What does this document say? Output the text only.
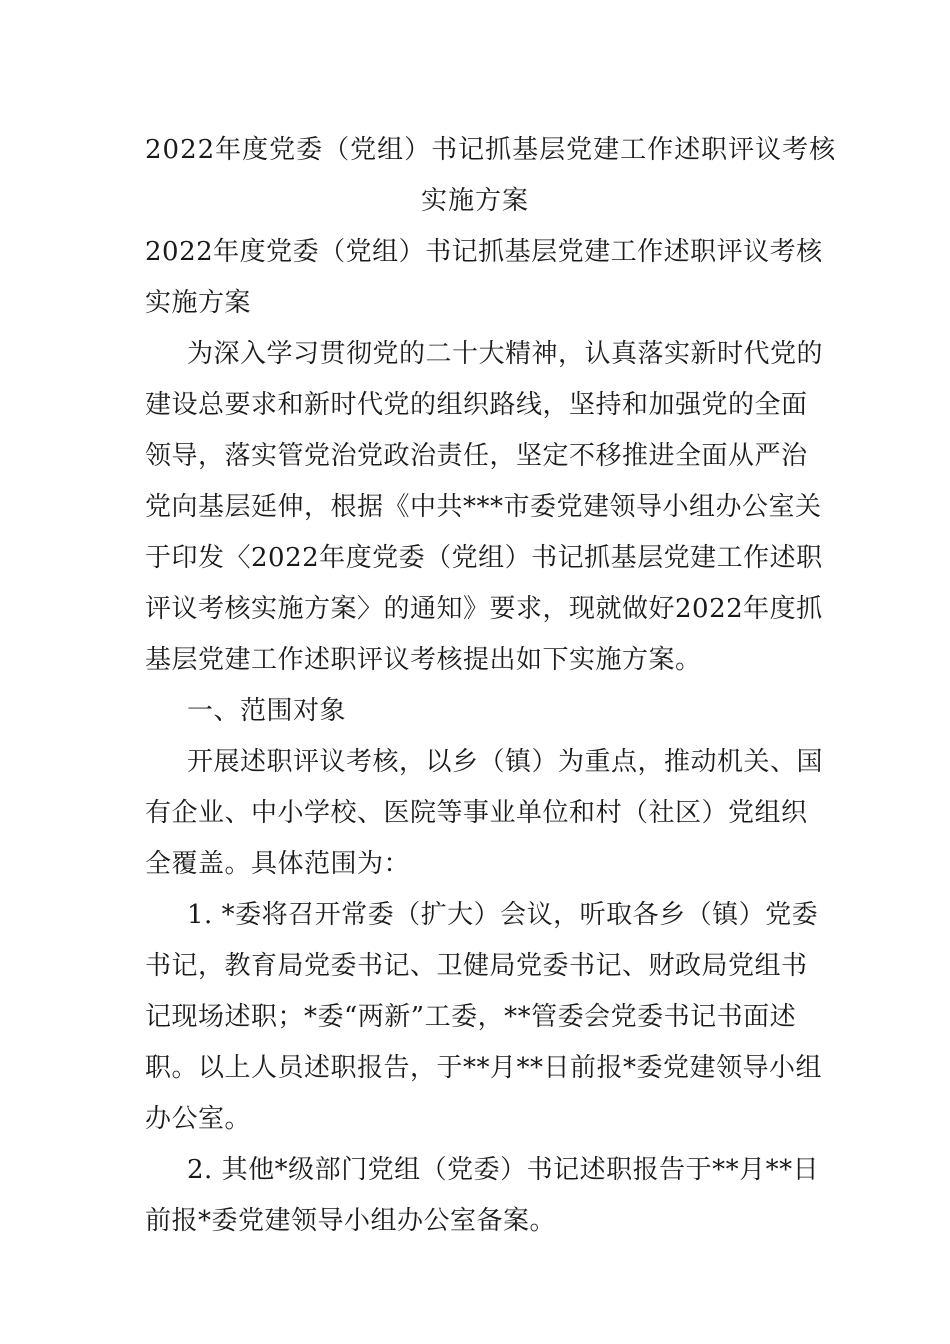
2022年度党委（党组）书记抓基层党建工作述职评议考核
实施方案
2022年度党委（党组）书记抓基层党建工作述职评议考核
实施方案
为深入学习贯彻党的二十大精神，认真落实新时代党的
建设总要求和新时代党的组织路线，坚持和加强党的全面
领导，落实管党治党政治责任，坚定不移推进全面从严治
党向基层延伸，根据《中共***市委党建领导小组办公室关
于印发〈2022年度党委（党组）书记抓基层党建工作述职
评议考核实施方案〉的通知》要求，现就做好2022年度抓
基层党建工作述职评议考核提出如下实施方案。
一、范围对象
开展述职评议考核，以乡（镇）为重点，推动机关、国
有企业、中小学校、医院等事业单位和村（社区）党组织
全覆盖。具体范围为：
1. *委将召开常委（扩大）会议，听取各乡（镇）党委
书记，教育局党委书记、卫健局党委书记、财政局党组书
记现场述职；*委“两新”工委，**管委会党委书记书面述
职。以上人员述职报告，于**月**日前报*委党建领导小组
办公室。
2. 其他*级部门党组（党委）书记述职报告于**月**日
前报*委党建领导小组办公室备案。
